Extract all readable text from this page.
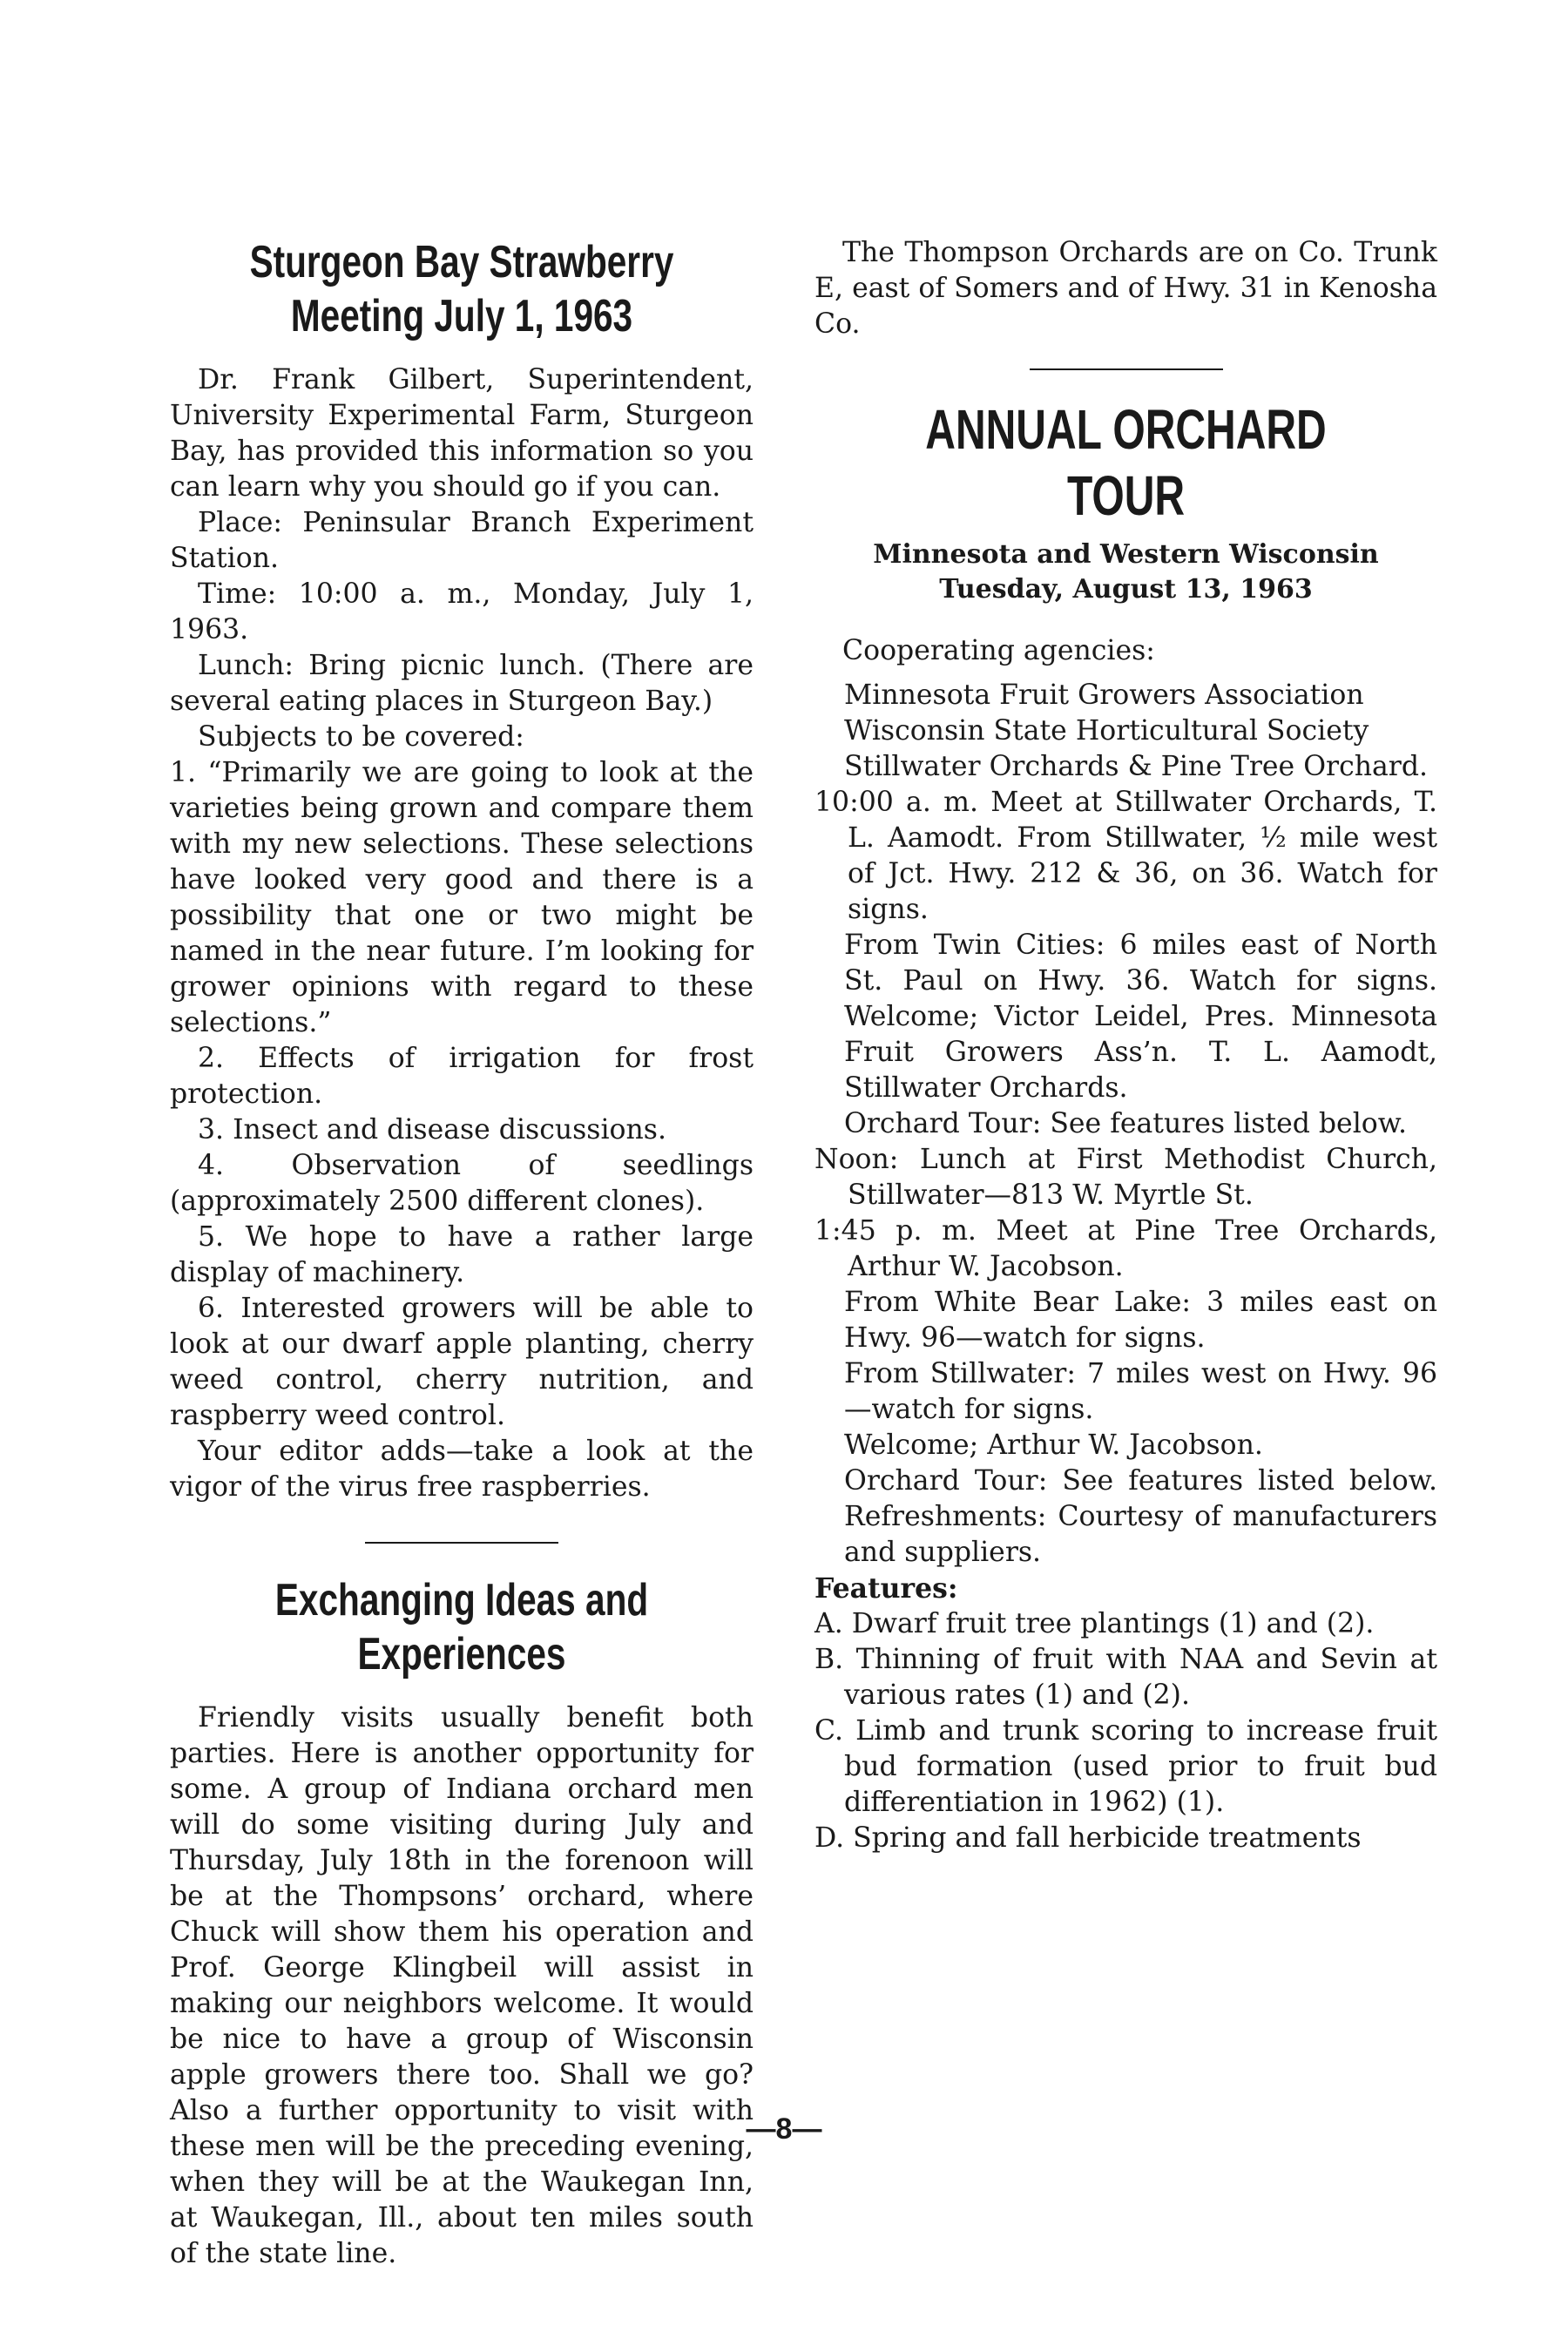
Sturgeon Bay Strawberry
Meeting July 1, 1963

Dr. Frank Gilbert, Superintendent, University Experimental Farm, Sturgeon Bay, has provided this information so you can learn why you should go if you can.

Place: Peninsular Branch Experiment Station.

Time: 10:00 a. m., Monday, July 1, 1963.

Lunch: Bring picnic lunch. (There are several eating places in Sturgeon Bay.)

Subjects to be covered:

1. “Primarily we are going to look at the varieties being grown and compare them with my new selections. These selections have looked very good and there is a possibility that one or two might be named in the near future. I’m looking for grower opinions with regard to these selections.”

2. Effects of irrigation for frost protection.

3. Insect and disease discussions.

4. Observation of seedlings (approximately 2500 different clones).

5. We hope to have a rather large display of machinery.

6. Interested growers will be able to look at our dwarf apple planting, cherry weed control, cherry nutrition, and raspberry weed control.

Your editor adds—take a look at the vigor of the virus free raspberries.

Exchanging Ideas and
Experiences

Friendly visits usually benefit both parties. Here is another opportunity for some. A group of Indiana orchard men will do some visiting during July and Thursday, July 18th in the forenoon will be at the Thompsons’ orchard, where Chuck will show them his operation and Prof. George Klingbeil will assist in making our neighbors welcome. It would be nice to have a group of Wisconsin apple growers there too. Shall we go? Also a further opportunity to visit with these men will be the preceding evening, when they will be at the Waukegan Inn, at Waukegan, Ill., about ten miles south of the state line.

The Thompson Orchards are on Co. Trunk E, east of Somers and of Hwy. 31 in Kenosha Co.

ANNUAL ORCHARD TOUR

Minnesota and Western Wisconsin

Tuesday, August 13, 1963

Cooperating agencies:

Minnesota Fruit Growers Association

Wisconsin State Horticultural Society

Stillwater Orchards & Pine Tree Orchard.

10:00 a. m. Meet at Stillwater Orchards, T. L. Aamodt. From Stillwater, ½ mile west of Jct. Hwy. 212 & 36, on 36. Watch for signs.

From Twin Cities: 6 miles east of North St. Paul on Hwy. 36. Watch for signs. Welcome; Victor Leidel, Pres. Minnesota Fruit Growers Ass’n. T. L. Aamodt, Stillwater Orchards.

Orchard Tour: See features listed below.

Noon: Lunch at First Methodist Church, Stillwater—813 W. Myrtle St.

1:45 p. m. Meet at Pine Tree Orchards, Arthur W. Jacobson.

From White Bear Lake: 3 miles east on Hwy. 96—watch for signs.

From Stillwater: 7 miles west on Hwy. 96—watch for signs.

Welcome; Arthur W. Jacobson.

Orchard Tour: See features listed below. Refreshments: Courtesy of manufacturers and suppliers.

Features:

A. Dwarf fruit tree plantings (1) and (2).

B. Thinning of fruit with NAA and Sevin at various rates (1) and (2).

C. Limb and trunk scoring to increase fruit bud formation (used prior to fruit bud differentiation in 1962) (1).

D. Spring and fall herbicide treatments

—8—
